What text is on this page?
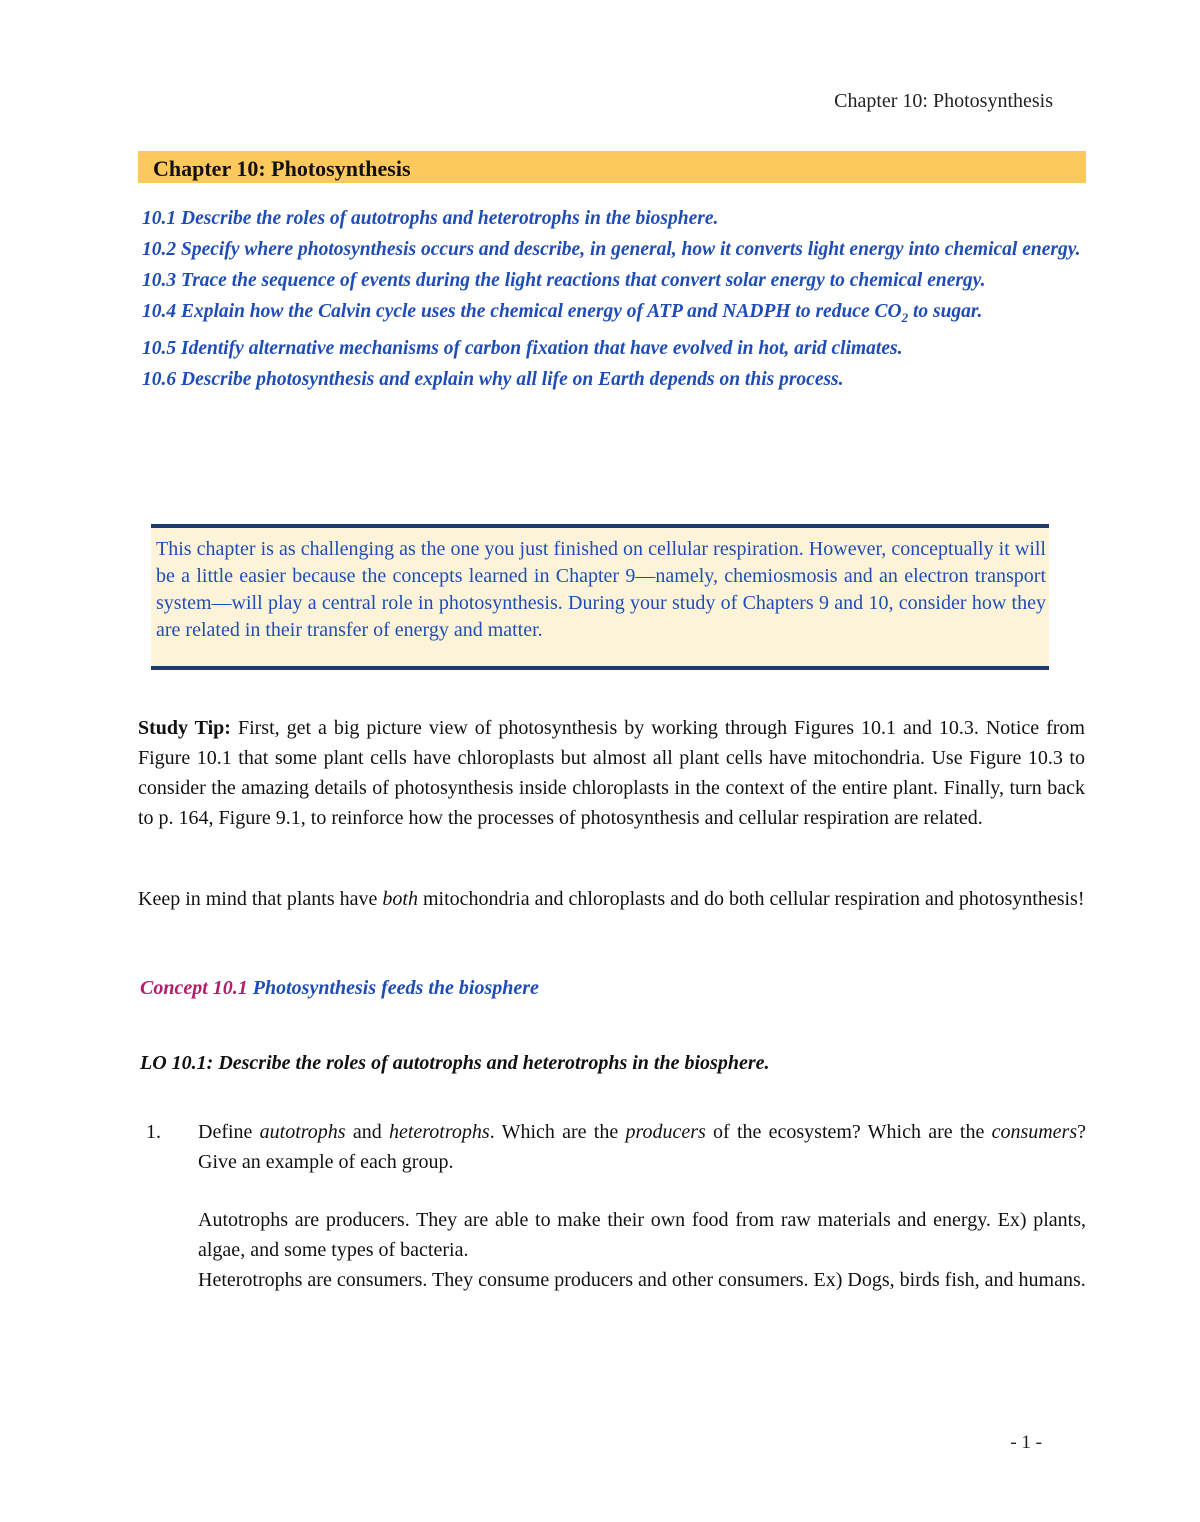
Chapter 10: Photosynthesis
Chapter 10: Photosynthesis
10.1 Describe the roles of autotrophs and heterotrophs in the biosphere.
10.2 Specify where photosynthesis occurs and describe, in general, how it converts light energy into chemical energy.
10.3 Trace the sequence of events during the light reactions that convert solar energy to chemical energy.
10.4 Explain how the Calvin cycle uses the chemical energy of ATP and NADPH to reduce $CO_2$ to sugar.
10.5 Identify alternative mechanisms of carbon fixation that have evolved in hot, arid climates.
10.6 Describe photosynthesis and explain why all life on Earth depends on this process.

This chapter is as challenging as the one you just finished on cellular respiration. However, conceptually it will be a little easier because the concepts learned in Chapter 9—namely, chemiosmosis and an electron transport system—will play a central role in photosynthesis. During your study of Chapters 9 and 10, consider how they are related in their transfer of energy and matter.

Study Tip: First, get a big picture view of photosynthesis by working through Figures 10.1 and 10.3. Notice from Figure 10.1 that some plant cells have chloroplasts but almost all plant cells have mitochondria. Use Figure 10.3 to consider the amazing details of photosynthesis inside chloroplasts in the context of the entire plant. Finally, turn back to p. 164, Figure 9.1, to reinforce how the processes of photosynthesis and cellular respiration are related.

Keep in mind that plants have both mitochondria and chloroplasts and do both cellular respiration and photosynthesis!

Concept 10.1 Photosynthesis feeds the biosphere

LO 10.1: Describe the roles of autotrophs and heterotrophs in the biosphere.

1. Define autotrophs and heterotrophs. Which are the producers of the ecosystem? Which are the consumers? Give an example of each group.

Autotrophs are producers. They are able to make their own food from raw materials and energy. Ex) plants, algae, and some types of bacteria.

Heterotrophs are consumers. They consume producers and other consumers. Ex) Dogs, birds fish, and humans.

- 1 -
